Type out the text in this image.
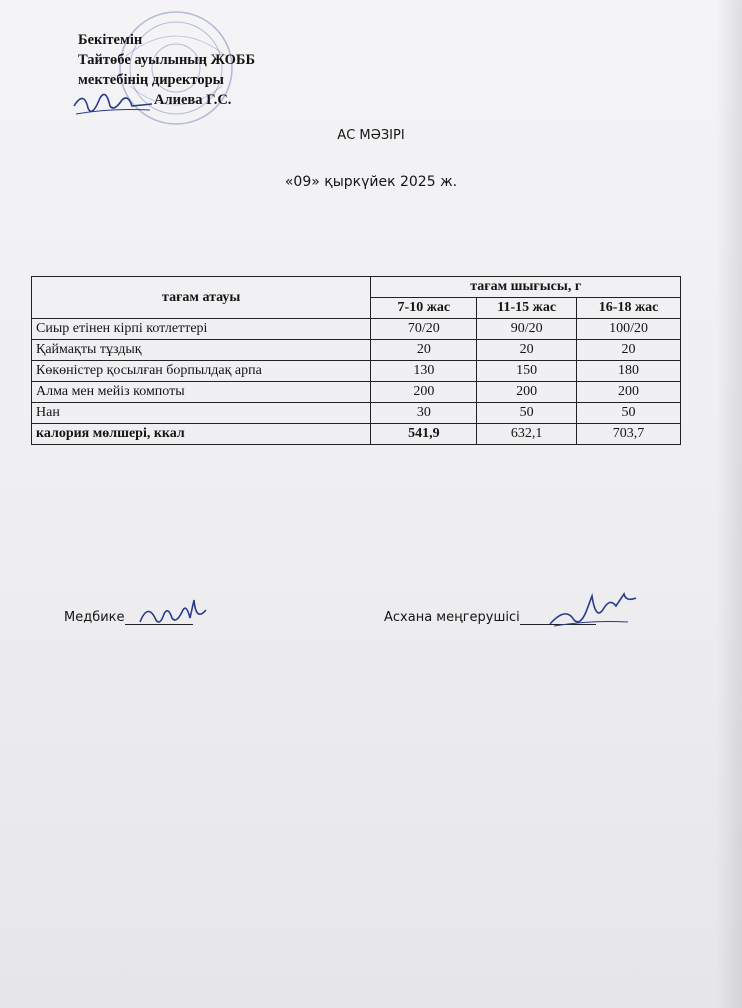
Бекітемін
Тайтөбе ауылының ЖОББ
мектебінің директоры
Алиева Г.С.
АС МӘЗІРІ
«09» қыркүйек 2025 ж.
тағам атауы	тағам шығысы, г		
	7-10 жас	11-15 жас	16-18 жас
Сиыр етінен кірпі котлеттері	70/20	90/20	100/20
Қаймақты тұздық	20	20	20
Көкөністер қосылған борпылдақ арпа	130	150	180
Алма мен мейіз компоты	200	200	200
Нан	30	50	50
калория мөлшері, ккал	541,9	632,1	703,7
Медбике	Асхана меңгерушісі
